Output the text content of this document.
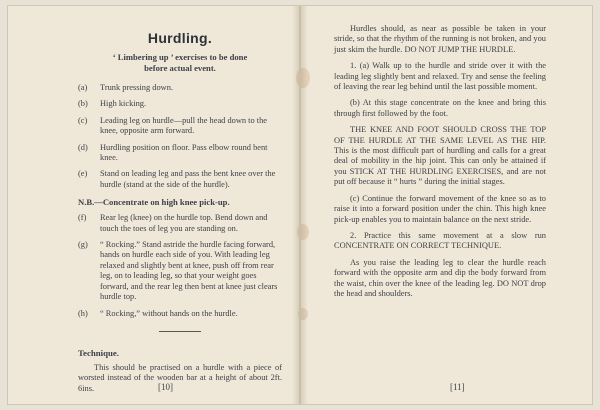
Hurdling.
‘ Limbering up ’ exercises to be done
before actual event.

(a)	Trunk pressing down.

(b)	High kicking.

(c)	Leading leg on hurdle—pull the head down to the knee, opposite arm forward.

(d)	Hurdling position on floor. Pass elbow round bent knee.

(e)	Stand on leading leg and pass the bent knee over the hurdle (stand at the side of the hurdle).

N.B.—Concentrate on high knee pick-up.

(f)	Rear leg (knee) on the hurdle top. Bend down and touch the toes of leg you are standing on.

(g)	“ Rocking.” Stand astride the hurdle facing forward, hands on hurdle each side of you. With leading leg relaxed and slightly bent at knee, push off from rear leg, on to leading leg, so that your weight goes forward, and the rear leg then bent at knee just clears hurdle top.

(h)	“ Rocking,” without hands on the hurdle.

Technique.

This should be practised on a hurdle with a piece of worsted instead of the wooden bar at a height of about 2ft. 6ins.	[10]

Hurdles should, as near as possible be taken in your stride, so that the rhythm of the running is not broken, and you just skim the hurdle. DO NOT JUMP THE HURDLE.

1. (a) Walk up to the hurdle and stride over it with the leading leg slightly bent and relaxed. Try and sense the feeling of leaving the rear leg behind until the last possible moment.

(b) At this stage concentrate on the knee and bring this through first followed by the foot.

THE KNEE AND FOOT SHOULD CROSS THE TOP OF THE HURDLE AT THE SAME LEVEL AS THE HIP. This is the most difficult part of hurdling and calls for a great deal of mobility in the hip joint. This can only be attained if you STICK AT THE HURDLING EXERCISES, and are not put off because it “ hurts ” during the initial stages.

(c) Continue the forward movement of the knee so as to raise it into a forward position under the chin. This high knee pick-up enables you to maintain balance on the next stride.

2. Practice this same movement at a slow run CONCENTRATE ON CORRECT TECHNIQUE.

As you raise the leading leg to clear the hurdle reach forward with the opposite arm and dip the body forward from the waist, chin over the knee of the leading leg. DO NOT drop the head and shoulders.

[11]
